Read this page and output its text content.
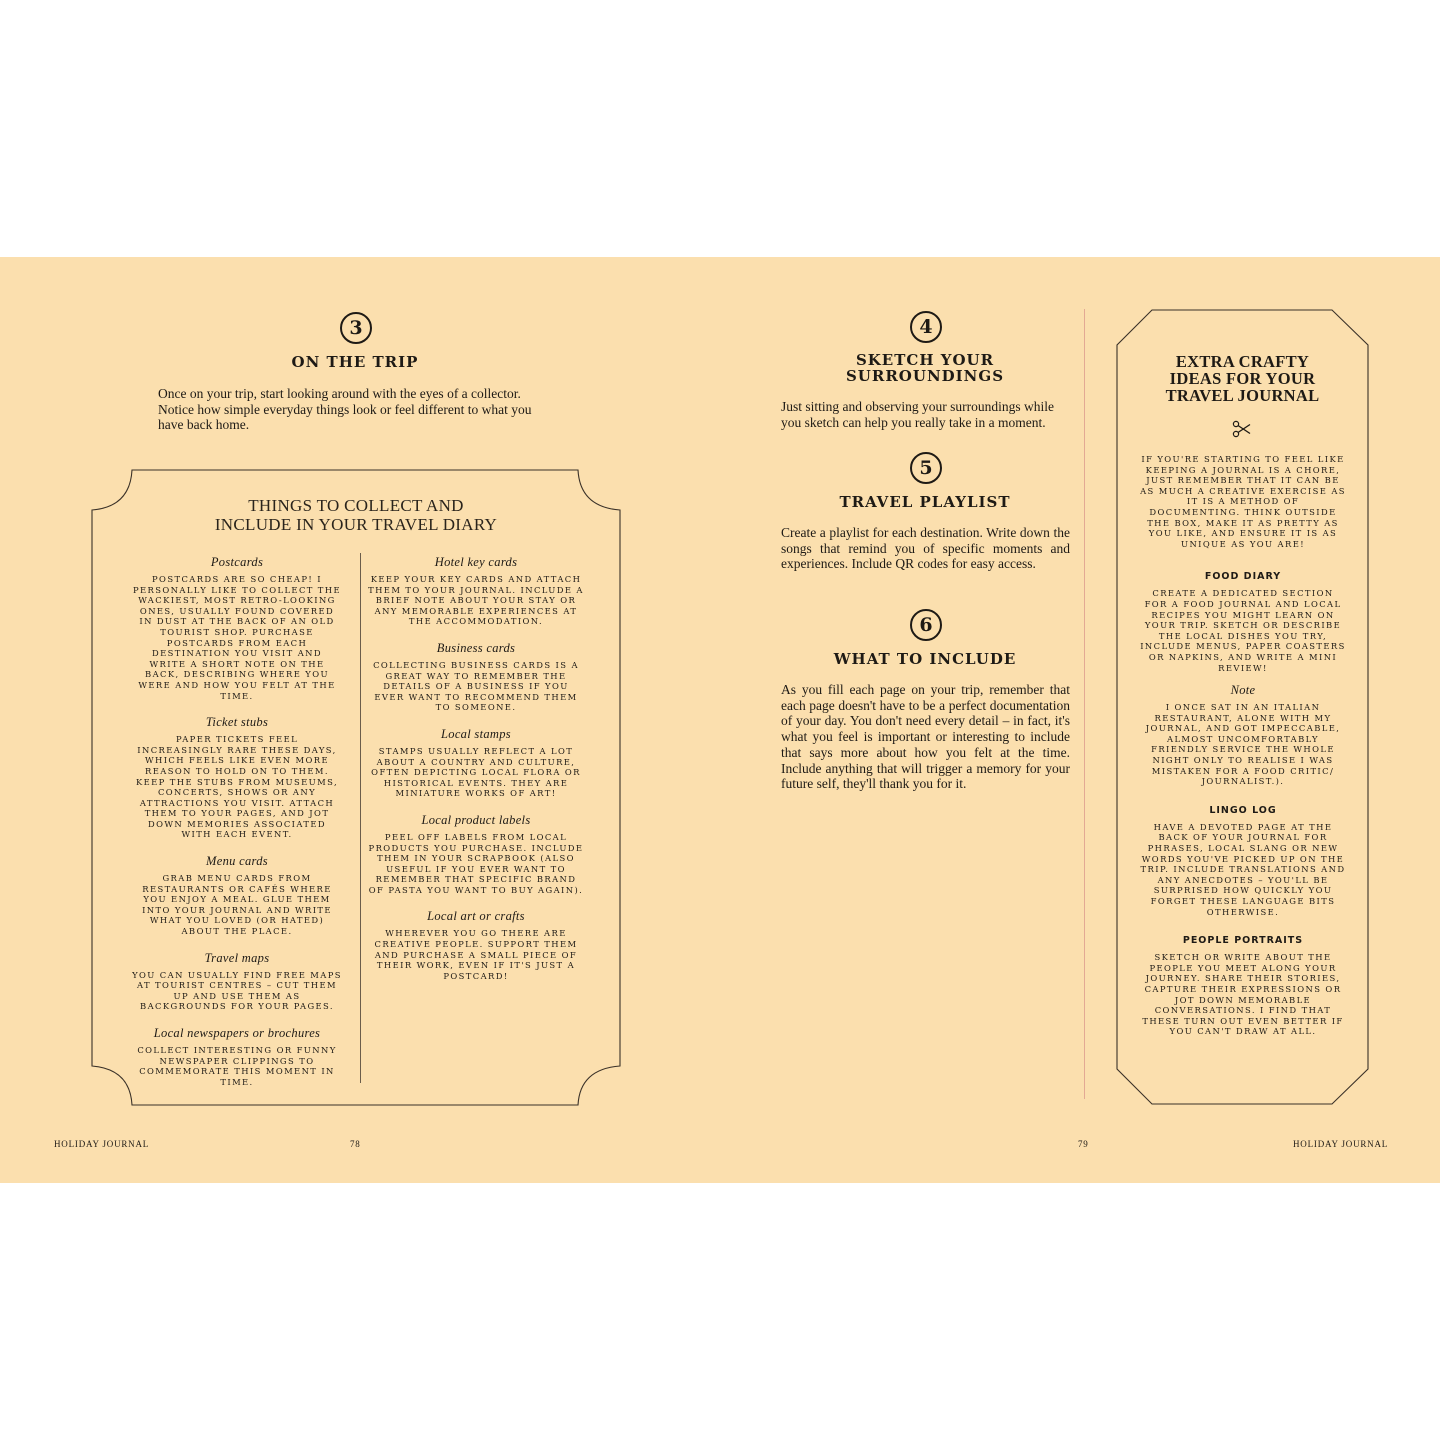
3
ON THE TRIP
Once on your trip, start looking around with the eyes of a collector. Notice how simple everyday things look or feel different to what you have back home.
THINGS TO COLLECT AND
INCLUDE IN YOUR TRAVEL DIARY
Postcards
POSTCARDS ARE SO CHEAP! I PERSONALLY LIKE TO COLLECT THE WACKIEST, MOST RETRO-LOOKING ONES, USUALLY FOUND COVERED IN DUST AT THE BACK OF AN OLD TOURIST SHOP. PURCHASE POSTCARDS FROM EACH DESTINATION YOU VISIT AND WRITE A SHORT NOTE ON THE BACK, DESCRIBING WHERE YOU WERE AND HOW YOU FELT AT THE TIME.
Ticket stubs
PAPER TICKETS FEEL INCREASINGLY RARE THESE DAYS, WHICH FEELS LIKE EVEN MORE REASON TO HOLD ON TO THEM. KEEP THE STUBS FROM MUSEUMS, CONCERTS, SHOWS OR ANY ATTRACTIONS YOU VISIT. ATTACH THEM TO YOUR PAGES, AND JOT DOWN MEMORIES ASSOCIATED WITH EACH EVENT.
Menu cards
GRAB MENU CARDS FROM RESTAURANTS OR CAFÉS WHERE YOU ENJOY A MEAL. GLUE THEM INTO YOUR JOURNAL AND WRITE WHAT YOU LOVED (OR HATED) ABOUT THE PLACE.
Travel maps
YOU CAN USUALLY FIND FREE MAPS AT TOURIST CENTRES – CUT THEM UP AND USE THEM AS BACKGROUNDS FOR YOUR PAGES.
Local newspapers or brochures
COLLECT INTERESTING OR FUNNY NEWSPAPER CLIPPINGS TO COMMEMORATE THIS MOMENT IN TIME.
Hotel key cards
KEEP YOUR KEY CARDS AND ATTACH THEM TO YOUR JOURNAL. INCLUDE A BRIEF NOTE ABOUT YOUR STAY OR ANY MEMORABLE EXPERIENCES AT THE ACCOMMODATION.
Business cards
COLLECTING BUSINESS CARDS IS A GREAT WAY TO REMEMBER THE DETAILS OF A BUSINESS IF YOU EVER WANT TO RECOMMEND THEM TO SOMEONE.
Local stamps
STAMPS USUALLY REFLECT A LOT ABOUT A COUNTRY AND CULTURE, OFTEN DEPICTING LOCAL FLORA OR HISTORICAL EVENTS. THEY ARE MINIATURE WORKS OF ART!
Local product labels
PEEL OFF LABELS FROM LOCAL PRODUCTS YOU PURCHASE. INCLUDE THEM IN YOUR SCRAPBOOK (ALSO USEFUL IF YOU EVER WANT TO REMEMBER THAT SPECIFIC BRAND OF PASTA YOU WANT TO BUY AGAIN).
Local art or crafts
WHEREVER YOU GO THERE ARE CREATIVE PEOPLE. SUPPORT THEM AND PURCHASE A SMALL PIECE OF THEIR WORK, EVEN IF IT'S JUST A POSTCARD!
HOLIDAY JOURNAL	78
4
SKETCH YOUR
SURROUNDINGS
Just sitting and observing your surroundings while you sketch can help you really take in a moment.
5
TRAVEL PLAYLIST
Create a playlist for each destination. Write down the songs that remind you of specific moments and experiences. Include QR codes for easy access.
6
WHAT TO INCLUDE
As you fill each page on your trip, remember that each page doesn't have to be a perfect documentation of your day. You don't need every detail – in fact, it's what you feel is important or interesting to include that says more about how you felt at the time. Include anything that will trigger a memory for your future self, they'll thank you for it.
EXTRA CRAFTY
IDEAS FOR YOUR
TRAVEL JOURNAL
IF YOU'RE STARTING TO FEEL LIKE KEEPING A JOURNAL IS A CHORE, JUST REMEMBER THAT IT CAN BE AS MUCH A CREATIVE EXERCISE AS IT IS A METHOD OF DOCUMENTING. THINK OUTSIDE THE BOX, MAKE IT AS PRETTY AS YOU LIKE, AND ENSURE IT IS AS UNIQUE AS YOU ARE!
FOOD DIARY
CREATE A DEDICATED SECTION FOR A FOOD JOURNAL AND LOCAL RECIPES YOU MIGHT LEARN ON YOUR TRIP. SKETCH OR DESCRIBE THE LOCAL DISHES YOU TRY, INCLUDE MENUS, PAPER COASTERS OR NAPKINS, AND WRITE A MINI REVIEW!
Note
I ONCE SAT IN AN ITALIAN RESTAURANT, ALONE WITH MY JOURNAL, AND GOT IMPECCABLE, ALMOST UNCOMFORTABLY FRIENDLY SERVICE THE WHOLE NIGHT ONLY TO REALISE I WAS MISTAKEN FOR A FOOD CRITIC/ JOURNALIST.).
LINGO LOG
HAVE A DEVOTED PAGE AT THE BACK OF YOUR JOURNAL FOR PHRASES, LOCAL SLANG OR NEW WORDS YOU'VE PICKED UP ON THE TRIP. INCLUDE TRANSLATIONS AND ANY ANECDOTES – YOU'LL BE SURPRISED HOW QUICKLY YOU FORGET THESE LANGUAGE BITS OTHERWISE.
PEOPLE PORTRAITS
SKETCH OR WRITE ABOUT THE PEOPLE YOU MEET ALONG YOUR JOURNEY. SHARE THEIR STORIES, CAPTURE THEIR EXPRESSIONS OR JOT DOWN MEMORABLE CONVERSATIONS. I FIND THAT THESE TURN OUT EVEN BETTER IF YOU CAN'T DRAW AT ALL.
79	HOLIDAY JOURNAL
